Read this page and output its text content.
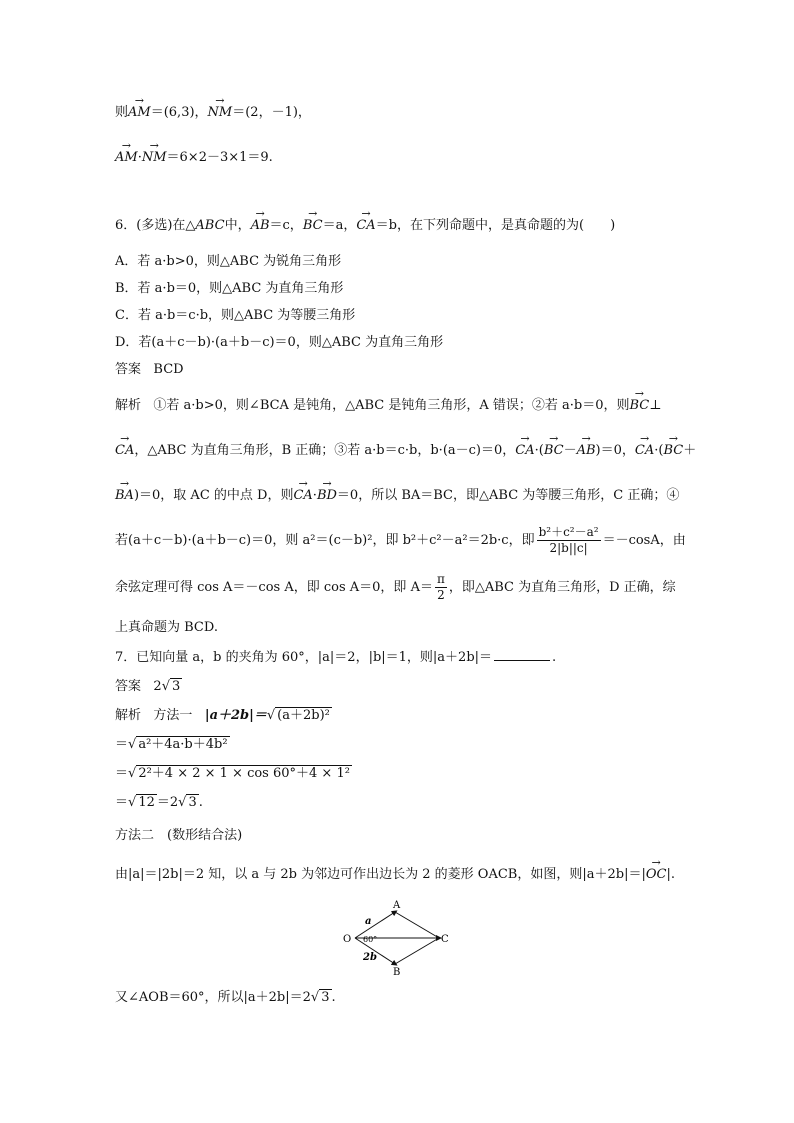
则→ AM＝(6,3)，→ NM＝(2，－1)，
→ AM·→ NM＝6×2－3×1＝9.
6．(多选)在△ABC中，→ AB＝c，→ BC＝a，→ CA＝b，在下列命题中，是真命题的为(　　)
A．若 a·b>0，则△ABC 为锐角三角形
B．若 a·b＝0，则△ABC 为直角三角形
C．若 a·b＝c·b，则△ABC 为等腰三角形
D．若(a＋c－b)·(a＋b－c)＝0，则△ABC 为直角三角形
答案 BCD
解析 ①若 a·b>0，则∠BCA 是钝角，△ABC 是钝角三角形，A 错误；②若 a·b＝0，则→ BC⊥
→ CA，△ABC 为直角三角形，B 正确；③若 a·b＝c·b，b·(a－c)＝0，→ CA·(→ BC－→ AB)＝0，→ CA·(→ BC＋
→ BA)＝0，取 AC 的中点 D，则→ CA·→ BD＝0，所以 BA＝BC，即△ABC 为等腰三角形，C 正确；④
若(a＋c－b)·(a＋b－c)＝0，则 a²＝(c－b)²，即 b²＋c²－a²＝2b·c，即 $\frac{\text{b²＋c²－a²}}{2|b||c|} =-\cos A$，由
余弦定理可得 cos A＝－cos A，即 cos A＝0，即 $A= \frac{\pi}{2}$ ，即△ABC 为直角三角形，D 正确，综
上真命题为 BCD.
7．已知向量 a，b 的夹角为 60°，|a|＝2，|b|＝1，则|a＋2b|＝	.
答案 2√ 3
解析 方法一 |a＋2b|＝√ (a＋2b)²
＝√ a²＋4a·b＋4b²
＝√ 2²＋4 × 2 × 1 × cos 60°＋4 × 1²
＝√ 12 ＝2√ 3 .
方法二　(数形结合法)
由|a|＝|2b|＝2 知，以 a 与 2b 为邻边可作出边长为 2 的菱形 OACB，如图，则|a＋2b|＝|→ OC|.
O
A
B
C
a
2b
60°
又∠AOB＝60°，所以|a＋2b|＝2√ 3 .
